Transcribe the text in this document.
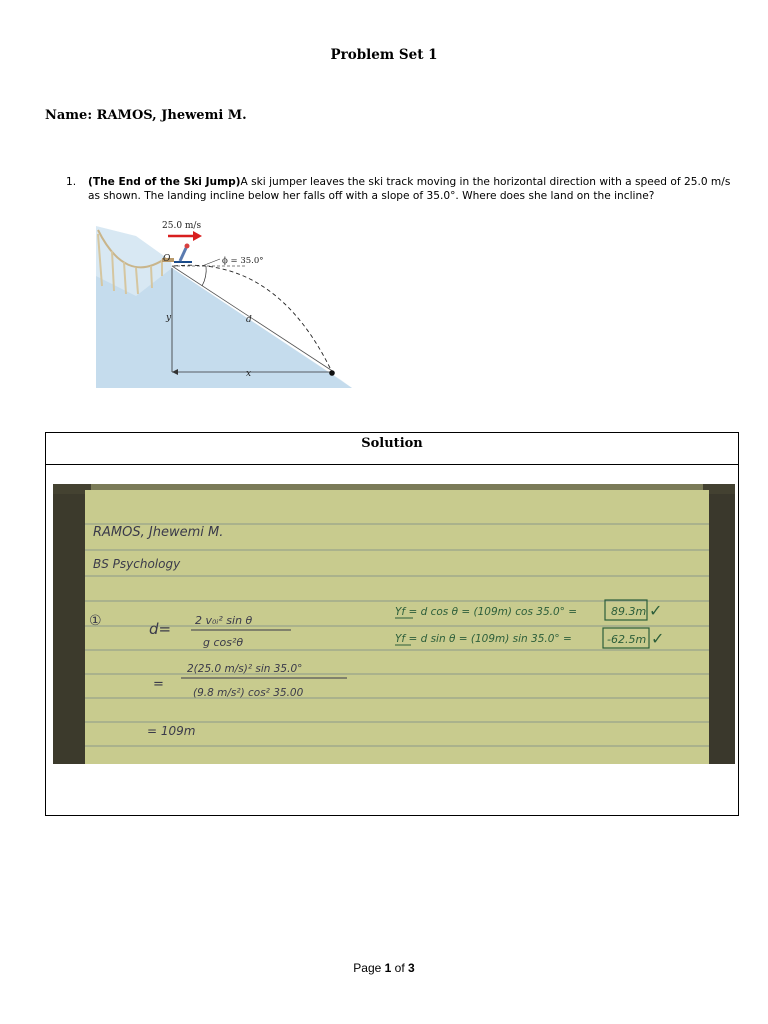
Problem Set 1
Name: RAMOS, Jhewemi M.
1. (The End of the Ski Jump)A ski jumper leaves the ski track moving in the horizontal direction with a speed of 25.0 m/s as shown. The landing incline below her falls off with a slope of 35.0°. Where does she land on the incline?
25.0 m/s
O	ϕ = 35.0°
y	d
x
Solution
RAMOS, Jhewemi M.
BS Psychology
①	d= 2 v₀ᵢ² sin θ
g cos²θ
=
2(25.0 m/s)² sin 35.0°
(9.8 m/s²) cos² 35.00
= 109m
Yf = d cos θ = (109m) cos 35.0° =	89.3m
Yf = d sin θ = (109m) sin 35.0° =	-62.5m
✓
✓
Page 1 of 3
